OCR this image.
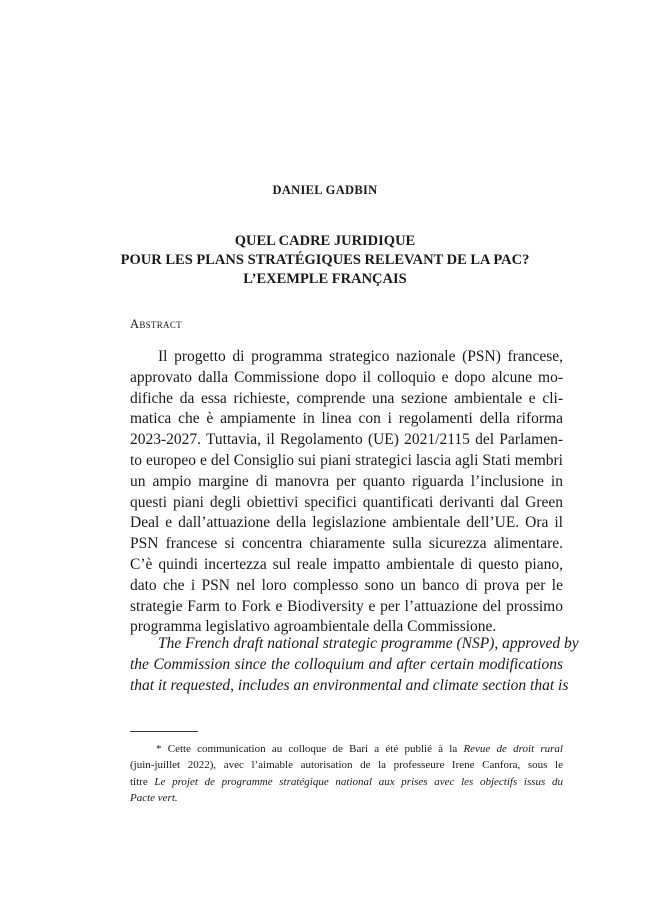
DANIEL GADBIN
QUEL CADRE JURIDIQUE
POUR LES PLANS STRATÉGIQUES RELEVANT DE LA PAC?
L’EXEMPLE FRANÇAIS
Abstract
Il progetto di programma strategico nazionale (PSN) francese,
approvato dalla Commissione dopo il colloquio e dopo alcune mo-
difiche da essa richieste, comprende una sezione ambientale e cli-
matica che è ampiamente in linea con i regolamenti della riforma
2023-2027. Tuttavia, il Regolamento (UE) 2021/2115 del Parlamen-
to europeo e del Consiglio sui piani strategici lascia agli Stati membri
un ampio margine di manovra per quanto riguarda l’inclusione in
questi piani degli obiettivi specifici quantificati derivanti dal Green
Deal e dall’attuazione della legislazione ambientale dell’UE. Ora il
PSN francese si concentra chiaramente sulla sicurezza alimentare.
C’è quindi incertezza sul reale impatto ambientale di questo piano,
dato che i PSN nel loro complesso sono un banco di prova per le
strategie Farm to Fork e Biodiversity e per l’attuazione del prossimo
programma legislativo agroambientale della Commissione.
The French draft national strategic programme (NSP), approved by
the Commission since the colloquium and after certain modifications
that it requested, includes an environmental and climate section that is
* Cette communication au colloque de Bari a été publié à la Revue de droit rural
(juin-juillet 2022), avec l’aimable autorisation de la professeure Irene Canfora, sous le
titre Le projet de programme stratégique national aux prises avec les objectifs issus du
Pacte vert.
